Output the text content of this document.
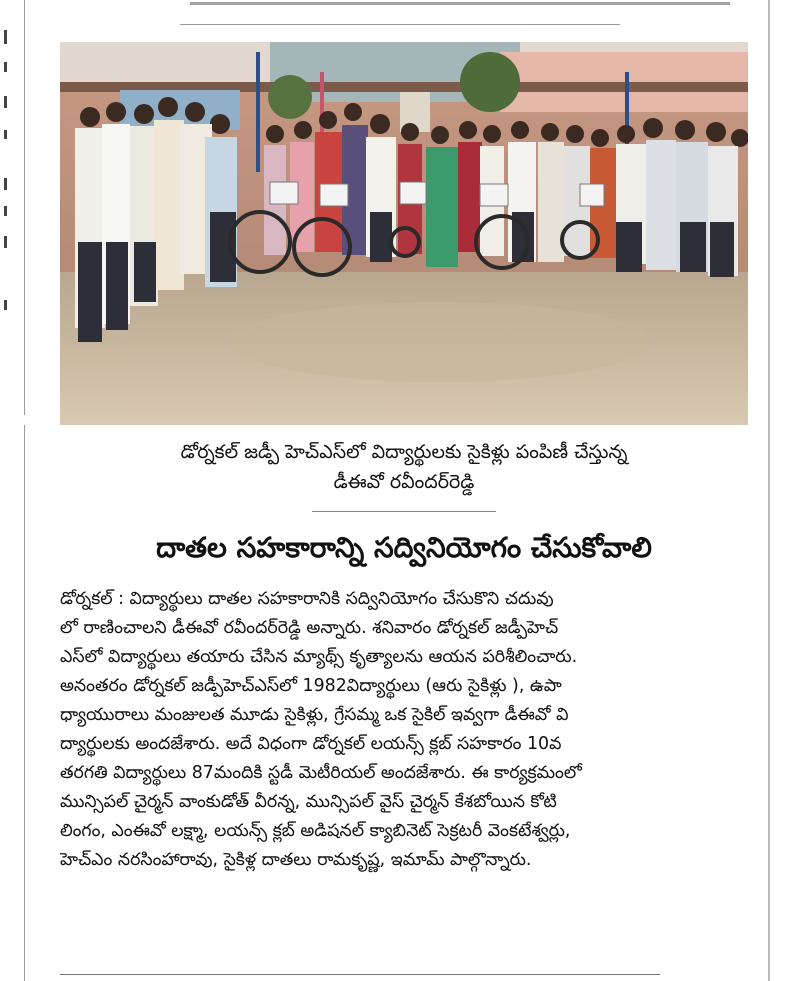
డోర్నకల్ జడ్పీ హెచ్ఎస్‌లో విద్యార్థులకు సైకిళ్లు పంపిణీ చేస్తున్న
డీఈవో రవీందర్‌రెడ్డి
దాతల సహకారాన్ని సద్వినియోగం చేసుకోవాలి
డోర్నకల్ : విద్యార్థులు దాతల సహకారానికి సద్వినియోగం చేసుకొని చదువు
లో రాణించాలని డీఈవో రవీందర్‌రెడ్డి అన్నారు. శనివారం డోర్నకల్ జడ్పీహెచ్
ఎస్‌లో విద్యార్థులు తయారు చేసిన మ్యాథ్స్ కృత్యాలను ఆయన పరిశీలించారు.
అనంతరం డోర్నకల్ జడ్పీహెచ్ఎస్‌లో 1982విద్యార్థులు (ఆరు సైకిళ్లు ), ఉపా
ధ్యాయురాలు మంజులత మూడు సైకిళ్లు, గ్రేసమ్మ ఒక సైకిల్ ఇవ్వగా డీఈవో వి
ద్యార్థులకు అందజేశారు. అదే విధంగా డోర్నకల్ లయన్స్ క్లబ్ సహకారం 10వ
తరగతి విద్యార్థులు 87మందికి స్టడీ మెటీరియల్ అందజేశారు. ఈ కార్యక్రమంలో
మున్సిపల్ చైర్మన్ వాంకుడోత్ వీరన్న, మున్సిపల్ వైస్ చైర్మన్ కేశబోయిన కోటి
లింగం, ఎంఈవో లక్ష్మా, లయన్స్ క్లబ్ అడిషనల్ క్యాబినెట్ సెక్రటరీ వెంకటేశ్వర్లు,
హెచ్ఎం నరసింహారావు, సైకిళ్ల దాతలు రామకృష్ణ, ఇమామ్ పాల్గొన్నారు.
